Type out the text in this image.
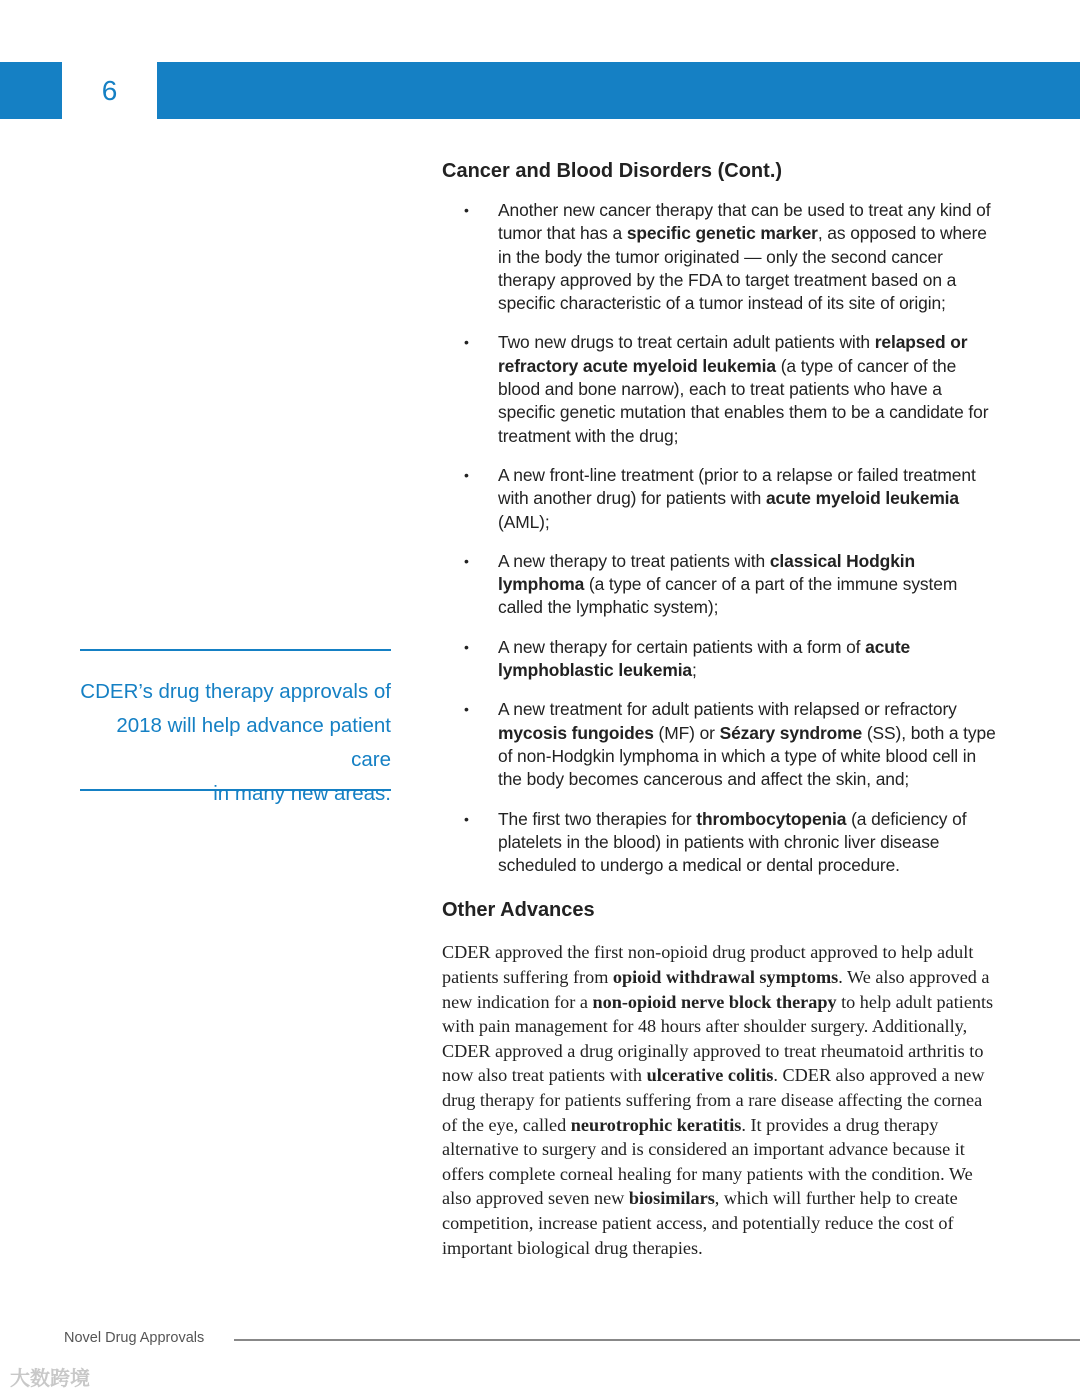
6
CDER’s drug therapy approvals of
2018 will help advance patient care
in many new areas.
Cancer and Blood Disorders (Cont.)
• Another new cancer therapy that can be used to treat any kind of tumor that has a specific genetic marker, as opposed to where in the body the tumor originated — only the second cancer therapy approved by the FDA to target treatment based on a specific characteristic of a tumor instead of its site of origin;
• Two new drugs to treat certain adult patients with relapsed or refractory acute myeloid leukemia (a type of cancer of the blood and bone narrow), each to treat patients who have a specific genetic mutation that enables them to be a candidate for treatment with the drug;
• A new front-line treatment (prior to a relapse or failed treatment with another drug) for patients with acute myeloid leukemia (AML);
• A new therapy to treat patients with classical Hodgkin lymphoma (a type of cancer of a part of the immune system called the lymphatic system);
• A new therapy for certain patients with a form of acute lymphoblastic leukemia;
• A new treatment for adult patients with relapsed or refractory mycosis fungoides (MF) or Sézary syndrome (SS), both a type of non-Hodgkin lymphoma in which a type of white blood cell in the body becomes cancerous and affect the skin, and;
• The first two therapies for thrombocytopenia (a deficiency of platelets in the blood) in patients with chronic liver disease scheduled to undergo a medical or dental procedure.
Other Advances

CDER approved the first non-opioid drug product approved to help adult patients suffering from opioid withdrawal symptoms. We also approved a new indication for a non-opioid nerve block therapy to help adult patients with pain management for 48 hours after shoulder surgery. Additionally, CDER approved a drug originally approved to treat rheumatoid arthritis to now also treat patients with ulcerative colitis. CDER also approved a new drug therapy for patients suffering from a rare disease affecting the cornea of the eye, called neurotrophic keratitis. It provides a drug therapy alternative to surgery and is considered an important advance because it offers complete corneal healing for many patients with the condition. We also approved seven new biosimilars, which will further help to create competition, increase patient access, and potentially reduce the cost of important biological drug therapies.

Novel Drug Approvals
大数跨境
